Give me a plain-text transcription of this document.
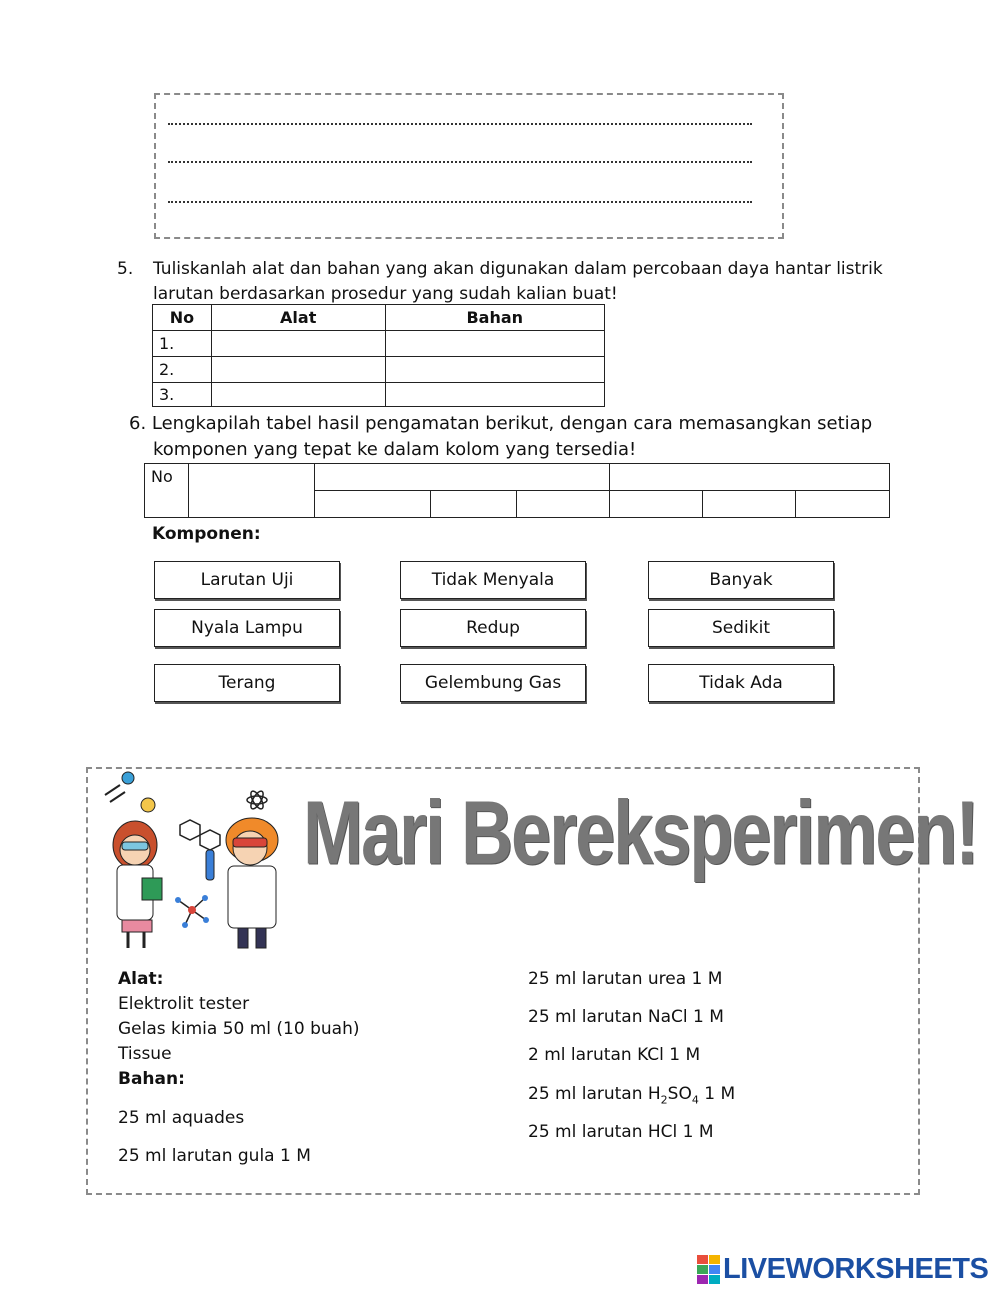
5. Tuliskanlah alat dan bahan yang akan digunakan dalam percobaan daya hantar listrik
larutan berdasarkan prosedur yang sudah kalian buat!
No	Alat	Bahan
1.		
2.		
3.		
6. Lengkapilah tabel hasil pengamatan berikut, dengan cara memasangkan setiap
komponen yang tepat ke dalam kolom yang tersedia!
No							

Komponen:
Larutan Uji	Tidak Menyala	Banyak
Nyala Lampu	Redup	Sedikit
Terang	Gelembung Gas	Tidak Ada
Mari Bereksperimen!
Alat:
Elektrolit tester
Gelas kimia 50 ml (10 buah)
Tissue
Bahan:
25 ml aquades
25 ml larutan gula 1 M
25 ml larutan urea 1 M
25 ml larutan NaCl 1 M
2 ml larutan KCl 1 M
25 ml larutan $H_2SO_4$ 1 M
25 ml larutan HCl 1 M
LIVEWORKSHEETS
